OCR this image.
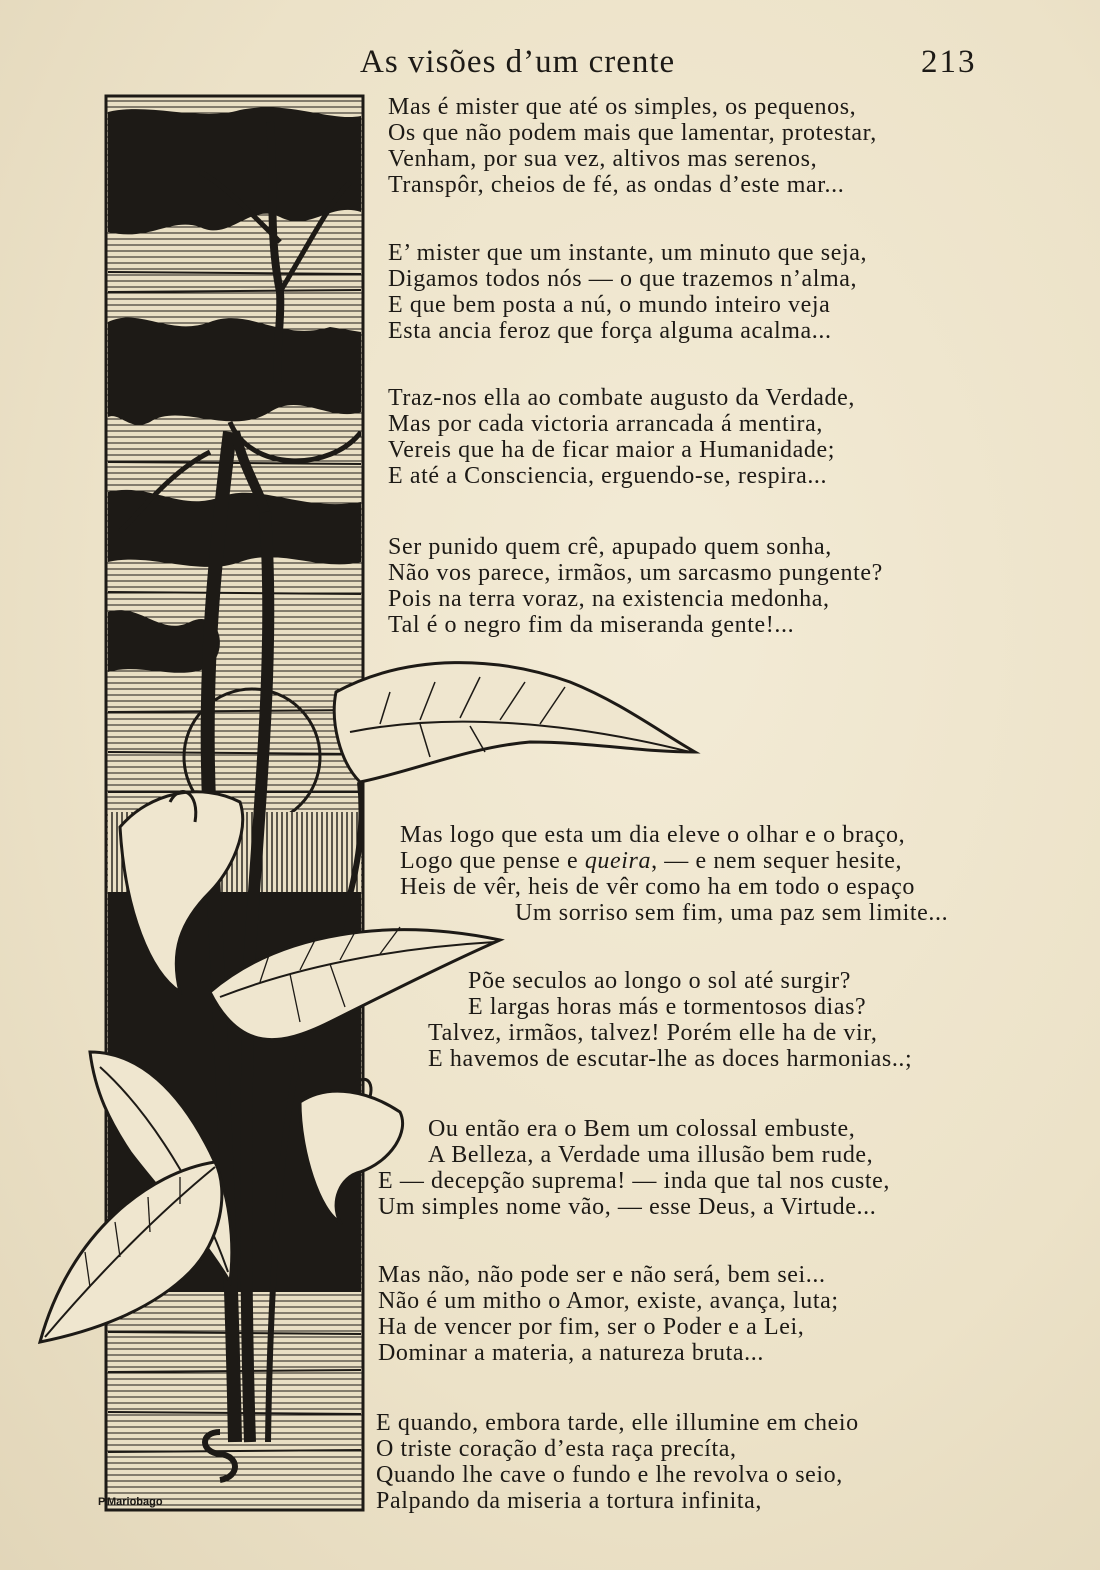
As visões d’um crente	213
P.Mariobago
Mas é mister que até os simples, os pequenos,
Os que não podem mais que lamentar, protestar,
Venham, por sua vez, altivos mas serenos,
Transpôr, cheios de fé, as ondas d’este mar...
E’ mister que um instante, um minuto que seja,
Digamos todos nós — o que trazemos n’alma,
E que bem posta a nú, o mundo inteiro veja
Esta ancia feroz que força alguma acalma...
Traz-nos ella ao combate augusto da Verdade,
Mas por cada victoria arrancada á mentira,
Vereis que ha de ficar maior a Humanidade;
E até a Consciencia, erguendo-se, respira...
Ser punido quem crê, apupado quem sonha,
Não vos parece, irmãos, um sarcasmo pungente?
Pois na terra voraz, na existencia medonha,
Tal é o negro fim da miseranda gente!...
Mas logo que esta um dia eleve o olhar e o braço,
Logo que pense e queira, — e nem sequer hesite,
Heis de vêr, heis de vêr como ha em todo o espaço
Um sorriso sem fim, uma paz sem limite...
Põe seculos ao longo o sol até surgir?
E largas horas más e tormentosos dias?
Talvez, irmãos, talvez! Porém elle ha de vir,
E havemos de escutar-lhe as doces harmonias..;
Ou então era o Bem um colossal embuste,
A Belleza, a Verdade uma illusão bem rude,
E — decepção suprema! — inda que tal nos custe,
Um simples nome vão, — esse Deus, a Virtude...
Mas não, não pode ser e não será, bem sei...
Não é um mitho o Amor, existe, avança, luta;
Ha de vencer por fim, ser o Poder e a Lei,
Dominar a materia, a natureza bruta...
E quando, embora tarde, elle illumine em cheio
O triste coração d’esta raça precíta,
Quando lhe cave o fundo e lhe revolva o seio,
Palpando da miseria a tortura infinita,
